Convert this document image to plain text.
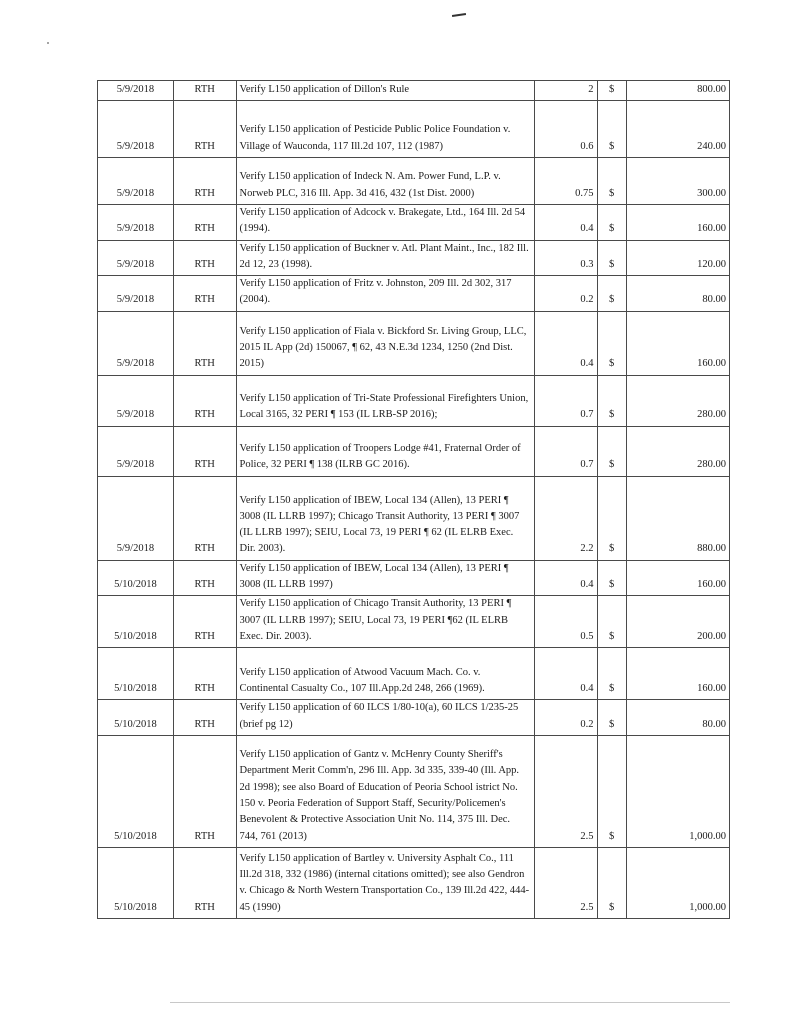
5/9/2018	RTH	Verify L150 application of Dillon's Rule	2	$	800.00
5/9/2018	RTH	Verify L150 application of Pesticide Public Police Foundation v. Village of Wauconda, 117 Ill.2d 107, 112 (1987)	0.6	$	240.00
5/9/2018	RTH	Verify L150 application of Indeck N. Am. Power Fund, L.P. v. Norweb PLC, 316 Ill. App. 3d 416, 432 (1st Dist. 2000)	0.75	$	300.00
5/9/2018	RTH	Verify L150 application of Adcock v. Brakegate, Ltd., 164 Ill. 2d 54 (1994).	0.4	$	160.00
5/9/2018	RTH	Verify L150 application of Buckner v. Atl. Plant Maint., Inc., 182 Ill. 2d 12, 23 (1998).	0.3	$	120.00
5/9/2018	RTH	Verify L150 application of Fritz v. Johnston, 209 Ill. 2d 302, 317 (2004).	0.2	$	80.00
5/9/2018	RTH	Verify L150 application of Fiala v. Bickford Sr. Living Group, LLC, 2015 IL App (2d) 150067, ¶ 62, 43 N.E.3d 1234, 1250 (2nd Dist. 2015)	0.4	$	160.00
5/9/2018	RTH	Verify L150 application of Tri-State Professional Firefighters Union, Local 3165, 32 PERI ¶ 153 (IL LRB-SP 2016);	0.7	$	280.00
5/9/2018	RTH	Verify L150 application of Troopers Lodge #41, Fraternal Order of Police, 32 PERI ¶ 138 (ILRB GC 2016).	0.7	$	280.00
5/9/2018	RTH	Verify L150 application of IBEW, Local 134 (Allen), 13 PERI ¶ 3008 (IL LLRB 1997); Chicago Transit Authority, 13 PERI ¶ 3007 (IL LLRB 1997); SEIU, Local 73, 19 PERI ¶ 62 (IL ELRB Exec. Dir. 2003).	2.2	$	880.00
5/10/2018	RTH	Verify L150 application of IBEW, Local 134 (Allen), 13 PERI ¶ 3008 (IL LLRB 1997)	0.4	$	160.00
5/10/2018	RTH	Verify L150 application of Chicago Transit Authority, 13 PERI ¶ 3007 (IL LLRB 1997); SEIU, Local 73, 19 PERI ¶62 (IL ELRB Exec. Dir. 2003).	0.5	$	200.00
5/10/2018	RTH	Verify L150 application of Atwood Vacuum Mach. Co. v. Continental Casualty Co., 107 Ill.App.2d 248, 266 (1969).	0.4	$	160.00
5/10/2018	RTH	Verify L150 application of 60 ILCS 1/80-10(a), 60 ILCS 1/235-25 (brief pg 12)	0.2	$	80.00
5/10/2018	RTH	Verify L150 application of Gantz v. McHenry County Sheriff's Department Merit Comm'n, 296 Ill. App. 3d 335, 339-40 (Ill. App. 2d 1998); see also Board of Education of Peoria School istrict No. 150 v. Peoria Federation of Support Staff, Security/Policemen's Benevolent & Protective Association Unit No. 114, 375 Ill. Dec. 744, 761 (2013)	2.5	$	1,000.00
5/10/2018	RTH	Verify L150 application of Bartley v. University Asphalt Co., 111 Ill.2d 318, 332 (1986) (internal citations omitted); see also Gendron v. Chicago & North Western Transportation Co., 139 Ill.2d 422, 444-45 (1990)	2.5	$	1,000.00
